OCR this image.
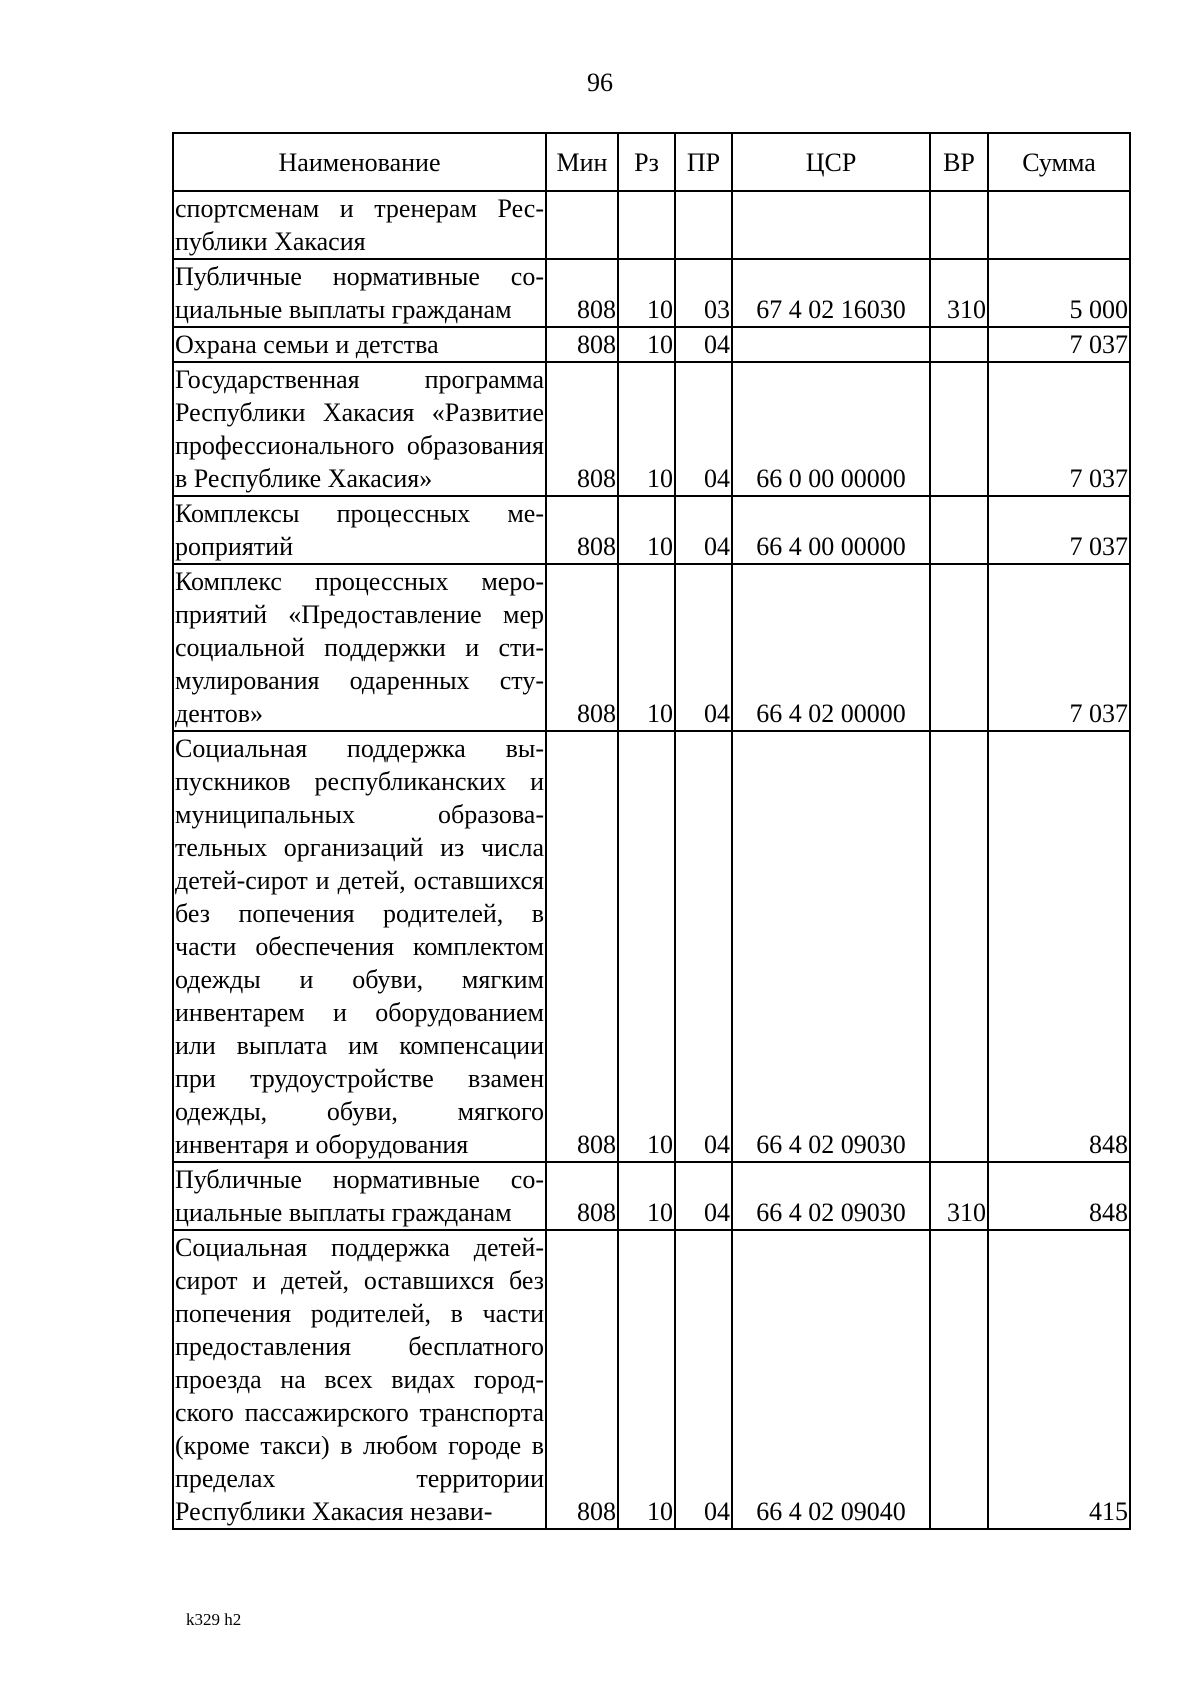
96
Наименование	Мин	Рз	ПР	ЦСР	ВР	Сумма
спортсменам и тренерам Республики Хакасия						
Публичные нормативные социальные выплаты гражданам	808	10	03	67 4 02 16030	310	5 000
Охрана семьи и детства	808	10	04			7 037
Государственная программа Республики Хакасия «Развитие профессионального образования в Республике Хакасия»	808	10	04	66 0 00 00000		7 037
Комплексы процессных мероприятий	808	10	04	66 4 00 00000		7 037
Комплекс процессных мероприятий «Предоставление мер социальной поддержки и стимулирования одаренных студентов»	808	10	04	66 4 02 00000		7 037
Социальная поддержка выпускников республиканских и муниципальных образовательных организаций из числа детей-сирот и детей, оставшихся без попечения родителей, в части обеспечения комплектом одежды и обуви, мягким инвентарем и оборудованием или выплата им компенсации при трудоустройстве взамен одежды, обуви, мягкого инвентаря и оборудования	808	10	04	66 4 02 09030		848
Публичные нормативные социальные выплаты гражданам	808	10	04	66 4 02 09030	310	848
Социальная поддержка детей-сирот и детей, оставшихся без попечения родителей, в части предоставления бесплатного проезда на всех видах городского пассажирского транспорта (кроме такси) в любом городе в пределах территории Республики Хакасия незави-	808	10	04	66 4 02 09040		415
k329 h2
